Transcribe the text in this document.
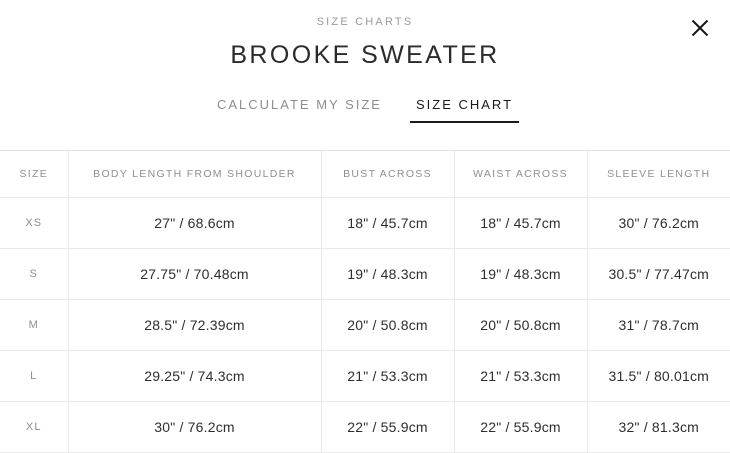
SIZE CHARTS
BROOKE SWEATER
CALCULATE MY SIZE	SIZE CHART
SIZE	BODY LENGTH FROM SHOULDER	BUST ACROSS	WAIST ACROSS	SLEEVE LENGTH
XS	27" / 68.6cm	18" / 45.7cm	18" / 45.7cm	30" / 76.2cm
S	27.75" / 70.48cm	19" / 48.3cm	19" / 48.3cm	30.5" / 77.47cm
M	28.5" / 72.39cm	20" / 50.8cm	20" / 50.8cm	31" / 78.7cm
L	29.25" / 74.3cm	21" / 53.3cm	21" / 53.3cm	31.5" / 80.01cm
XL	30" / 76.2cm	22" / 55.9cm	22" / 55.9cm	32" / 81.3cm
